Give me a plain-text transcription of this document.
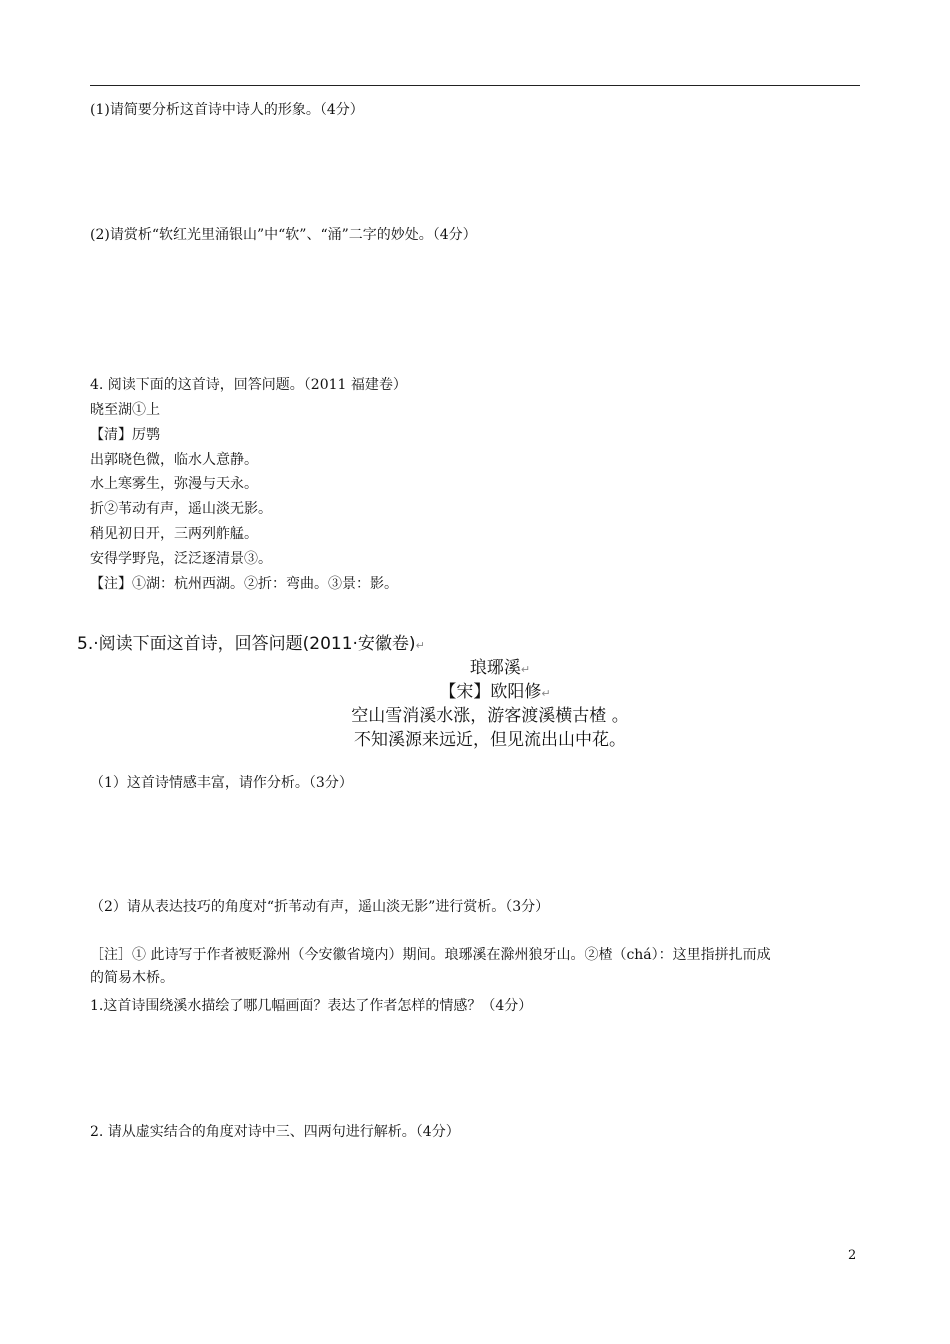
(1)请简要分析这首诗中诗人的形象。（4分）
(2)请赏析“软红光里涌银山”中“软”、“涌”二字的妙处。（4分）
4. 阅读下面的这首诗，回答问题。（2011 福建卷）
晓至湖①上
【清】厉鹗
出郭晓色微，临水人意静。
水上寒雾生，弥漫与天永。
折②苇动有声，遥山淡无影。
稍见初日开，三两列舴艋。
安得学野凫，泛泛逐清景③。
【注】①湖：杭州西湖。②折：弯曲。③景：影。
5.·阅读下面这首诗，回答问题(2011·安徽卷)↵
琅琊溪↵
【宋】欧阳修↵
空山雪消溪水涨，游客渡溪横古楂 。
不知溪源来远近，但见流出山中花。
（1）这首诗情感丰富，请作分析。（3分）
（2）请从表达技巧的角度对“折苇动有声，遥山淡无影”进行赏析。（3分）
［注］① 此诗写于作者被贬滁州（今安徽省境内）期间。琅琊溪在滁州狼牙山。②楂（chá）：这里指拼扎而成
的简易木桥。
1.这首诗围绕溪水描绘了哪几幅画面？表达了作者怎样的情感？（4分）
2. 请从虚实结合的角度对诗中三、四两句进行解析。（4分）
2
